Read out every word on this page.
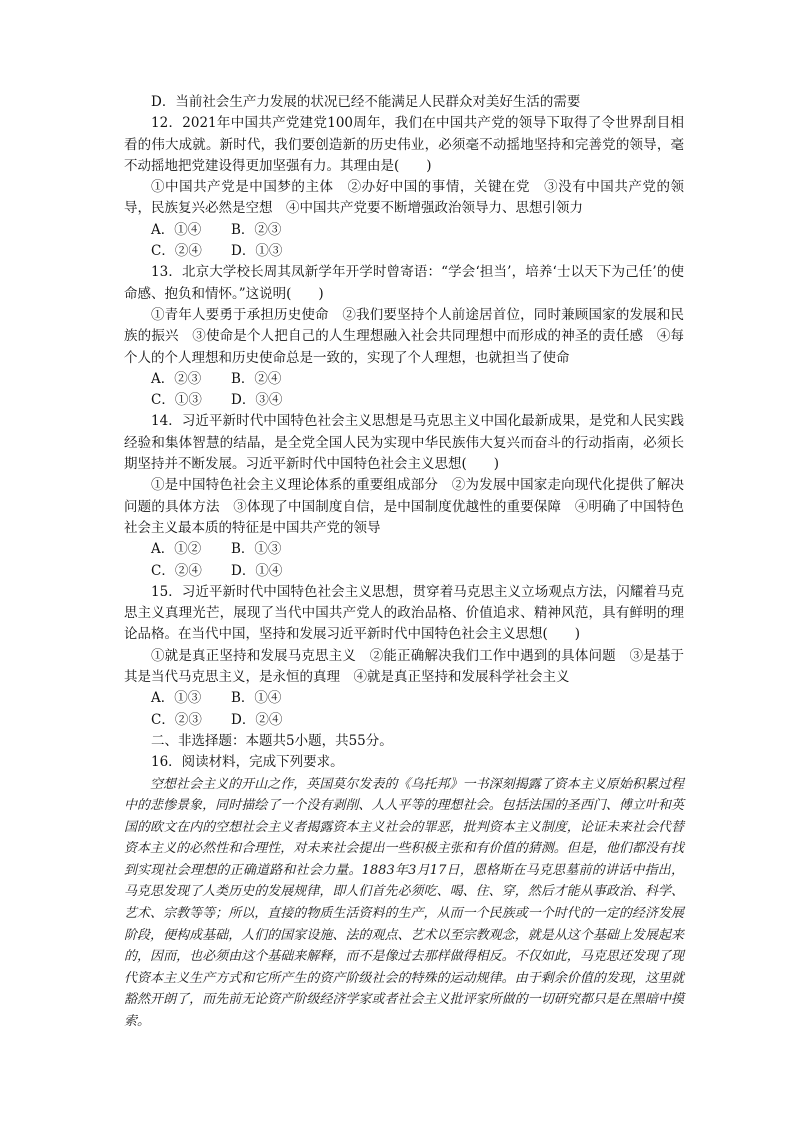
D．当前社会生产力发展的状况已经不能满足人民群众对美好生活的需要

12．2021年中国共产党建党100周年，我们在中国共产党的领导下取得了令世界刮目相看的伟大成就。新时代，我们要创造新的历史伟业，必须毫不动摇地坚持和完善党的领导，毫不动摇地把党建设得更加坚强有力。其理由是(　　)

①中国共产党是中国梦的主体　②办好中国的事情，关键在党　③没有中国共产党的领导，民族复兴必然是空想　④中国共产党要不断增强政治领导力、思想引领力

A．①④ B．②③

C．②④ D．①③

13．北京大学校长周其凤新学年开学时曾寄语：“学会‘担当’，培养‘士以天下为己任’的使命感、抱负和情怀。”这说明(　　)

①青年人要勇于承担历史使命　②我们要坚持个人前途居首位，同时兼顾国家的发展和民族的振兴　③使命是个人把自己的人生理想融入社会共同理想中而形成的神圣的责任感　④每个人的个人理想和历史使命总是一致的，实现了个人理想，也就担当了使命

A．②③ B．②④

C．①③ D．③④

14．习近平新时代中国特色社会主义思想是马克思主义中国化最新成果，是党和人民实践经验和集体智慧的结晶，是全党全国人民为实现中华民族伟大复兴而奋斗的行动指南，必须长期坚持并不断发展。习近平新时代中国特色社会主义思想(　　)

①是中国特色社会主义理论体系的重要组成部分　②为发展中国家走向现代化提供了解决问题的具体方法　③体现了中国制度自信，是中国制度优越性的重要保障　④明确了中国特色社会主义最本质的特征是中国共产党的领导

A．①② B．①③

C．②④ D．①④

15．习近平新时代中国特色社会主义思想，贯穿着马克思主义立场观点方法，闪耀着马克思主义真理光芒，展现了当代中国共产党人的政治品格、价值追求、精神风范，具有鲜明的理论品格。在当代中国，坚持和发展习近平新时代中国特色社会主义思想(　　)

①就是真正坚持和发展马克思主义　②能正确解决我们工作中遇到的具体问题　③是基于其是当代马克思主义，是永恒的真理　④就是真正坚持和发展科学社会主义

A．①③ B．①④

C．②③ D．②④

二、非选择题：本题共5小题，共55分。

16．阅读材料，完成下列要求。

空想社会主义的开山之作，英国莫尔发表的《乌托邦》一书深刻揭露了资本主义原始积累过程中的悲惨景象，同时描绘了一个没有剥削、人人平等的理想社会。包括法国的圣西门、傅立叶和英国的欧文在内的空想社会主义者揭露资本主义社会的罪恶，批判资本主义制度，论证未来社会代替资本主义的必然性和合理性，对未来社会提出一些积极主张和有价值的猜测。但是，他们都没有找到实现社会理想的正确道路和社会力量。1883年3月17日，恩格斯在马克思墓前的讲话中指出，马克思发现了人类历史的发展规律，即人们首先必须吃、喝、住、穿，然后才能从事政治、科学、艺术、宗教等等；所以，直接的物质生活资料的生产，从而一个民族或一个时代的一定的经济发展阶段，便构成基础，人们的国家设施、法的观点、艺术以至宗教观念，就是从这个基础上发展起来的，因而，也必须由这个基础来解释，而不是像过去那样做得相反。不仅如此，马克思还发现了现代资本主义生产方式和它所产生的资产阶级社会的特殊的运动规律。由于剩余价值的发现，这里就豁然开朗了，而先前无论资产阶级经济学家或者社会主义批评家所做的一切研究都只是在黑暗中摸索。
